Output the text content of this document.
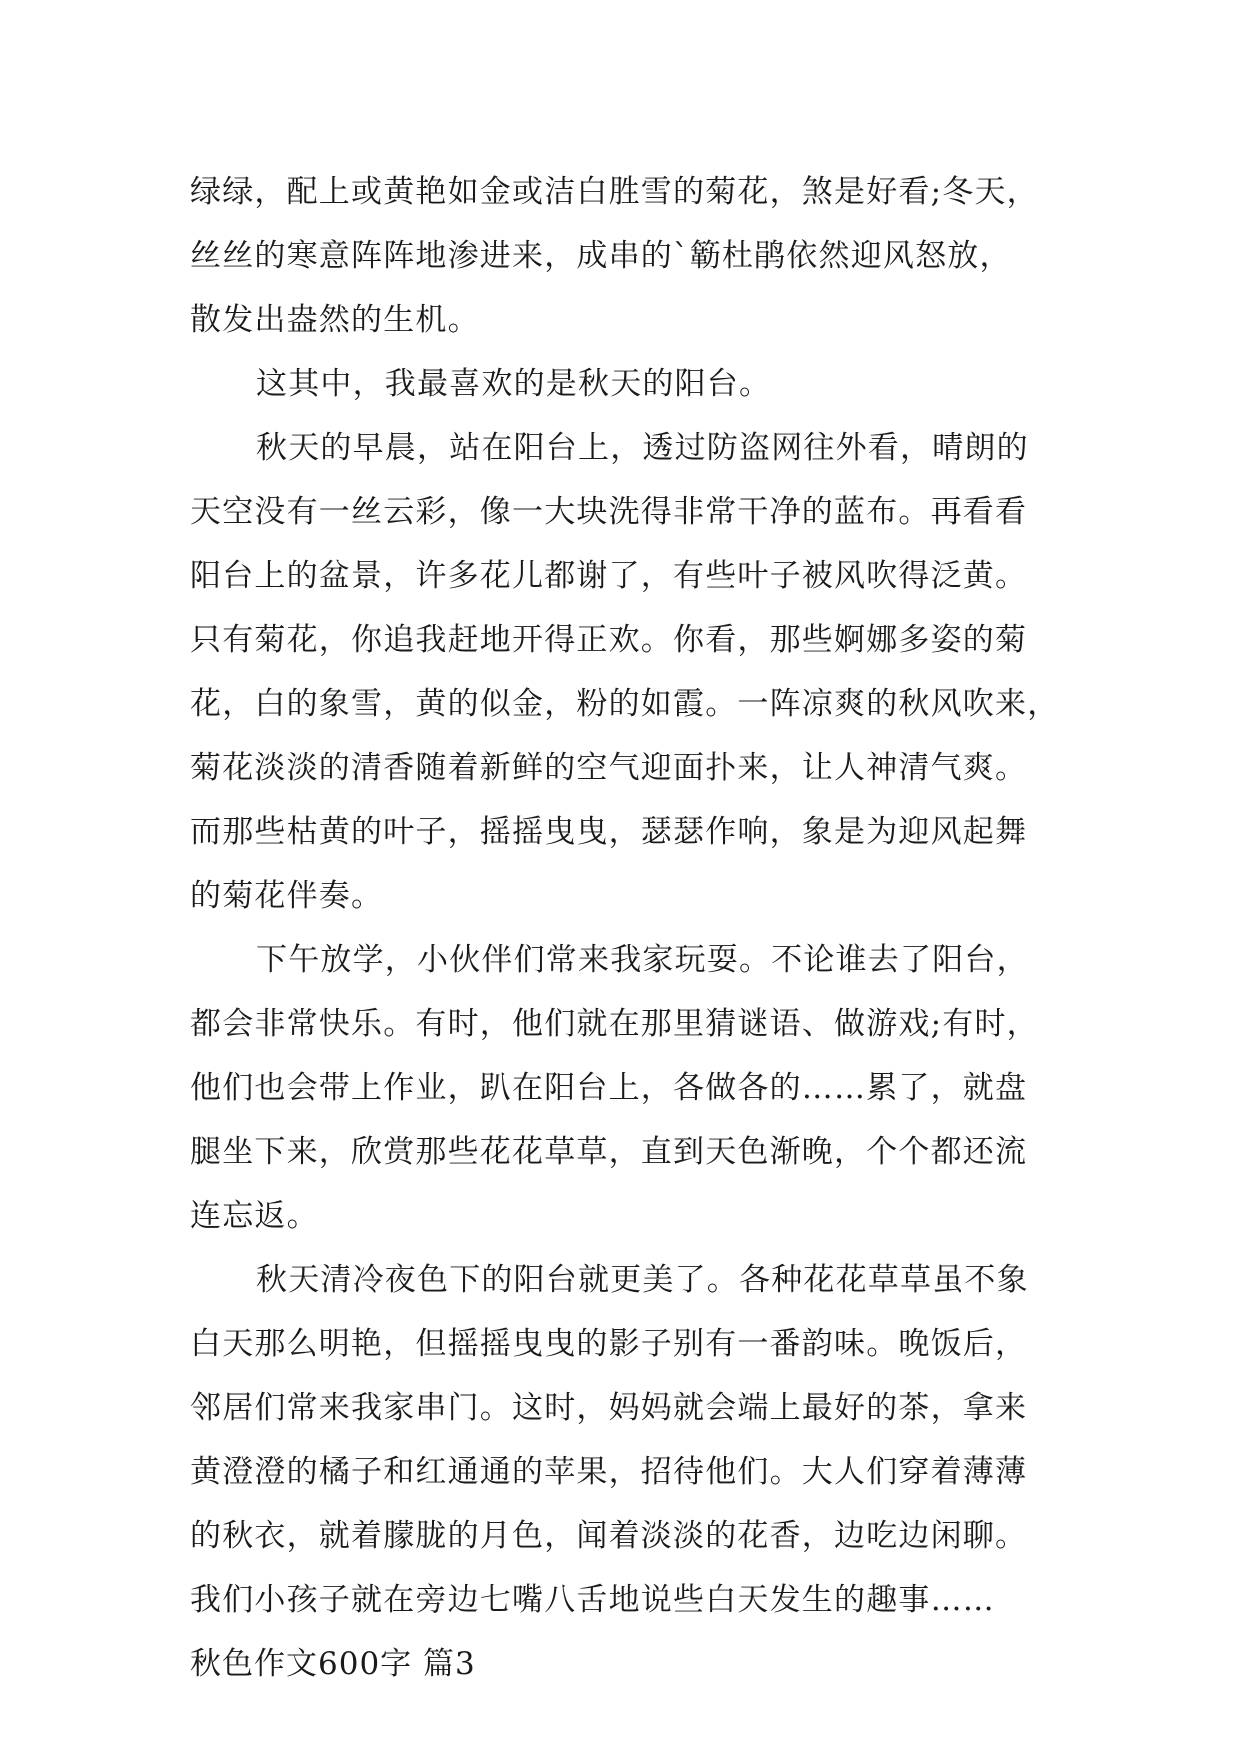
绿绿，配上或黄艳如金或洁白胜雪的菊花，煞是好看;冬天，
丝丝的寒意阵阵地渗进来，成串的`簕杜鹃依然迎风怒放，
散发出盎然的生机。
这其中，我最喜欢的是秋天的阳台。
秋天的早晨，站在阳台上，透过防盗网往外看，晴朗的
天空没有一丝云彩，像一大块洗得非常干净的蓝布。再看看
阳台上的盆景，许多花儿都谢了，有些叶子被风吹得泛黄。
只有菊花，你追我赶地开得正欢。你看，那些婀娜多姿的菊
花，白的象雪，黄的似金，粉的如霞。一阵凉爽的秋风吹来，
菊花淡淡的清香随着新鲜的空气迎面扑来，让人神清气爽。
而那些枯黄的叶子，摇摇曳曳，瑟瑟作响，象是为迎风起舞
的菊花伴奏。
下午放学，小伙伴们常来我家玩耍。不论谁去了阳台，
都会非常快乐。有时，他们就在那里猜谜语、做游戏;有时，
他们也会带上作业，趴在阳台上，各做各的……累了，就盘
腿坐下来，欣赏那些花花草草，直到天色渐晚，个个都还流
连忘返。
秋天清冷夜色下的阳台就更美了。各种花花草草虽不象
白天那么明艳，但摇摇曳曳的影子别有一番韵味。晚饭后，
邻居们常来我家串门。这时，妈妈就会端上最好的茶，拿来
黄澄澄的橘子和红通通的苹果，招待他们。大人们穿着薄薄
的秋衣，就着朦胧的月色，闻着淡淡的花香，边吃边闲聊。
我们小孩子就在旁边七嘴八舌地说些白天发生的趣事……
秋色作文600字 篇3
